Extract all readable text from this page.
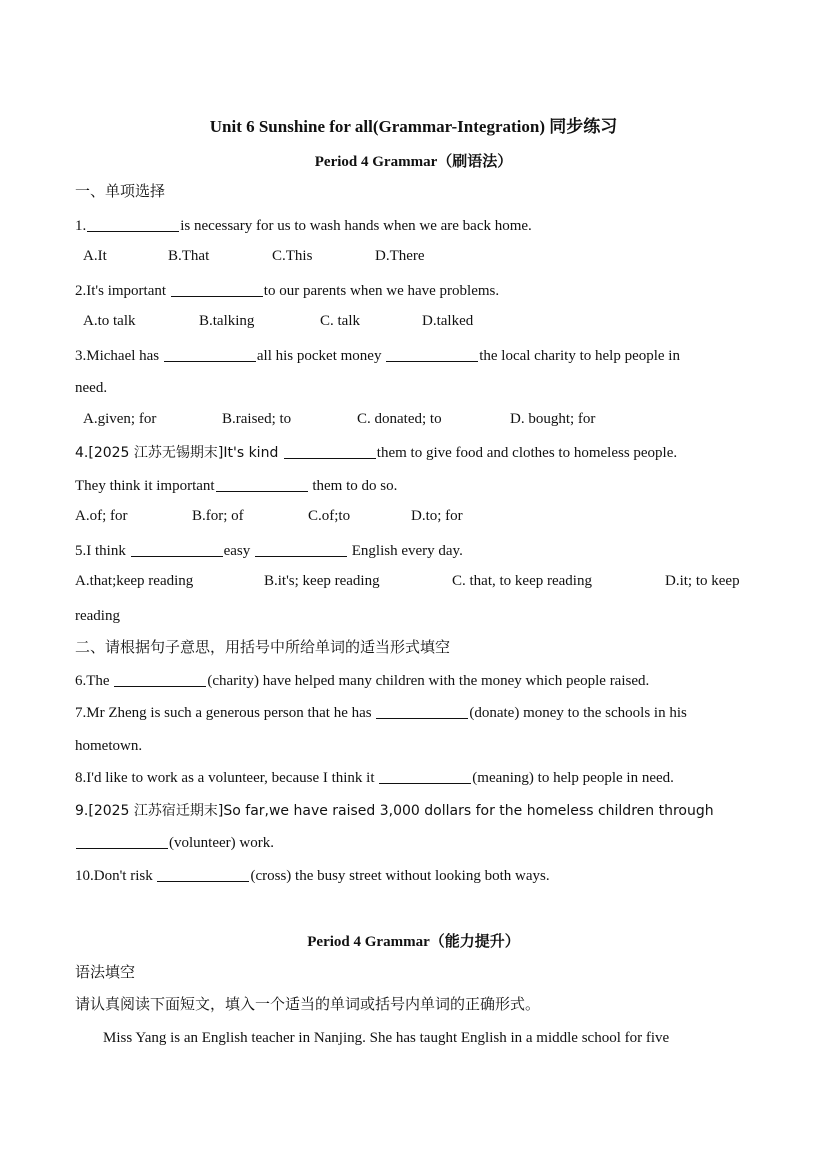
Unit 6 Sunshine for all(Grammar-Integration) 同步练习
Period 4 Grammar（刷语法）
一、单项选择
1.	is necessary for us to wash hands when we are back home.
A.It	B.That	C.This	D.There
2.It's important	to our parents when we have problems.
A.to talk	B.talking	C. talk	D.talked
3.Michael has	all his pocket money	the local charity to help people in
need.
A.given; for	B.raised; to	C. donated; to	D. bought; for
4.[2025 江苏无锡期末]It's kind	them to give food and clothes to homeless people.
They think it important	them to do so.
A.of; for	B.for; of	C.of;to	D.to; for
5.I think	easy	English every day.
A.that;keep reading	B.it's; keep reading	C. that, to keep reading	D.it; to keep
reading
二、请根据句子意思，用括号中所给单词的适当形式填空
6.The	(charity) have helped many children with the money which people raised.
7.Mr Zheng is such a generous person that he has	(donate) money to the schools in his
hometown.
8.I'd like to work as a volunteer, because I think it	(meaning) to help people in need.
9.[2025 江苏宿迁期末]So far,we have raised 3,000 dollars for the homeless children through
(volunteer) work.
10.Don't risk	(cross) the busy street without looking both ways.
Period 4 Grammar（能力提升）
语法填空
请认真阅读下面短文，填入一个适当的单词或括号内单词的正确形式。
Miss Yang is an English teacher in Nanjing. She has taught English in a middle school for five
